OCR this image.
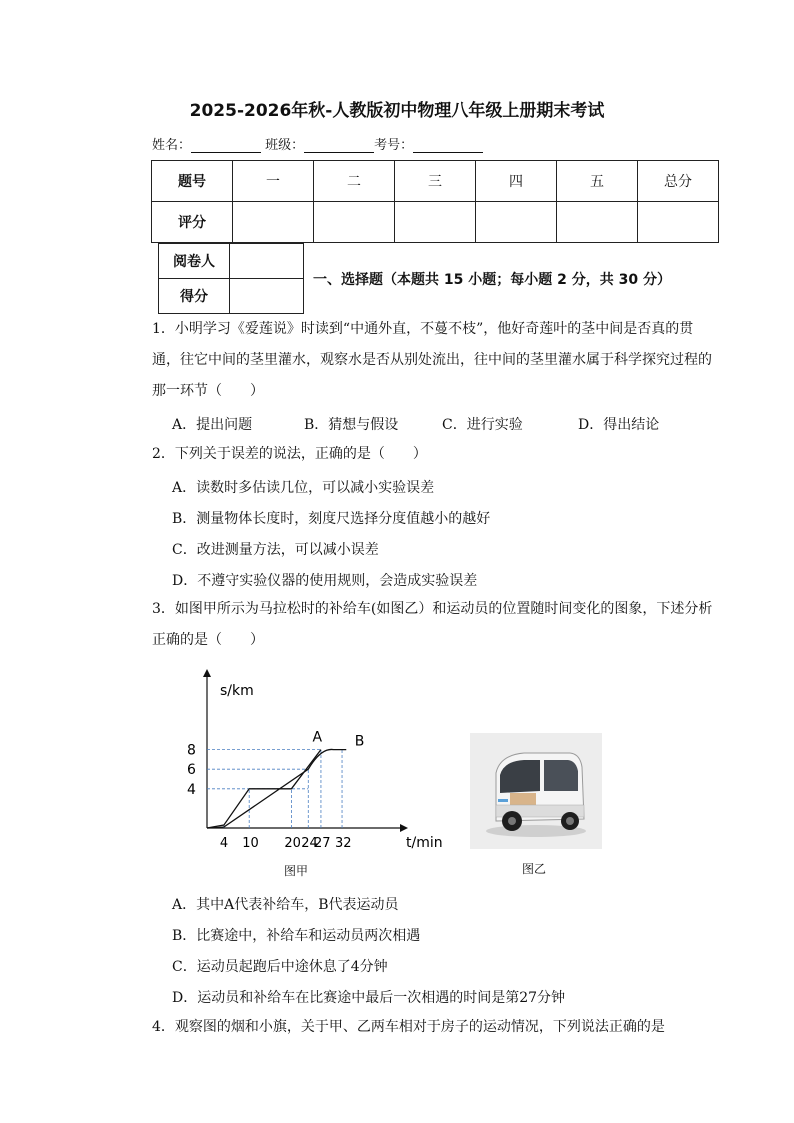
2025-2026年秋-人教版初中物理八年级上册期末考试
姓名：	班级：	考号：
题号	一	二	三	四	五	总分
评分						
阅卷人	
得分	
一、选择题（本题共 15 小题；每小题 2 分，共 30 分）
1．小明学习《爱莲说》时读到“中通外直，不蔓不枝”，他好奇莲叶的茎中间是否真的贯通，往它中间的茎里灌水，观察水是否从别处流出，往中间的茎里灌水属于科学探究过程的那一环节（　　）
A．提出问题	B．猜想与假设	C．进行实验	D．得出结论
2．下列关于误差的说法，正确的是（　　）
A．读数时多估读几位，可以减小实验误差
B．测量物体长度时，刻度尺选择分度值越小的越好
C．改进测量方法，可以减小误差
D．不遵守实验仪器的使用规则，会造成实验误差
3．如图甲所示为马拉松时的补给车(如图乙）和运动员的位置随时间变化的图象，下述分析正确的是（　　）
s/km
t/min
4
6
8
4 10 20 24
27 32
A B
图甲	图乙
A．其中A代表补给车，B代表运动员
B．比赛途中，补给车和运动员两次相遇
C．运动员起跑后中途休息了4分钟
D．运动员和补给车在比赛途中最后一次相遇的时间是第27分钟
4．观察图的烟和小旗，关于甲、乙两车相对于房子的运动情况，下列说法正确的是
